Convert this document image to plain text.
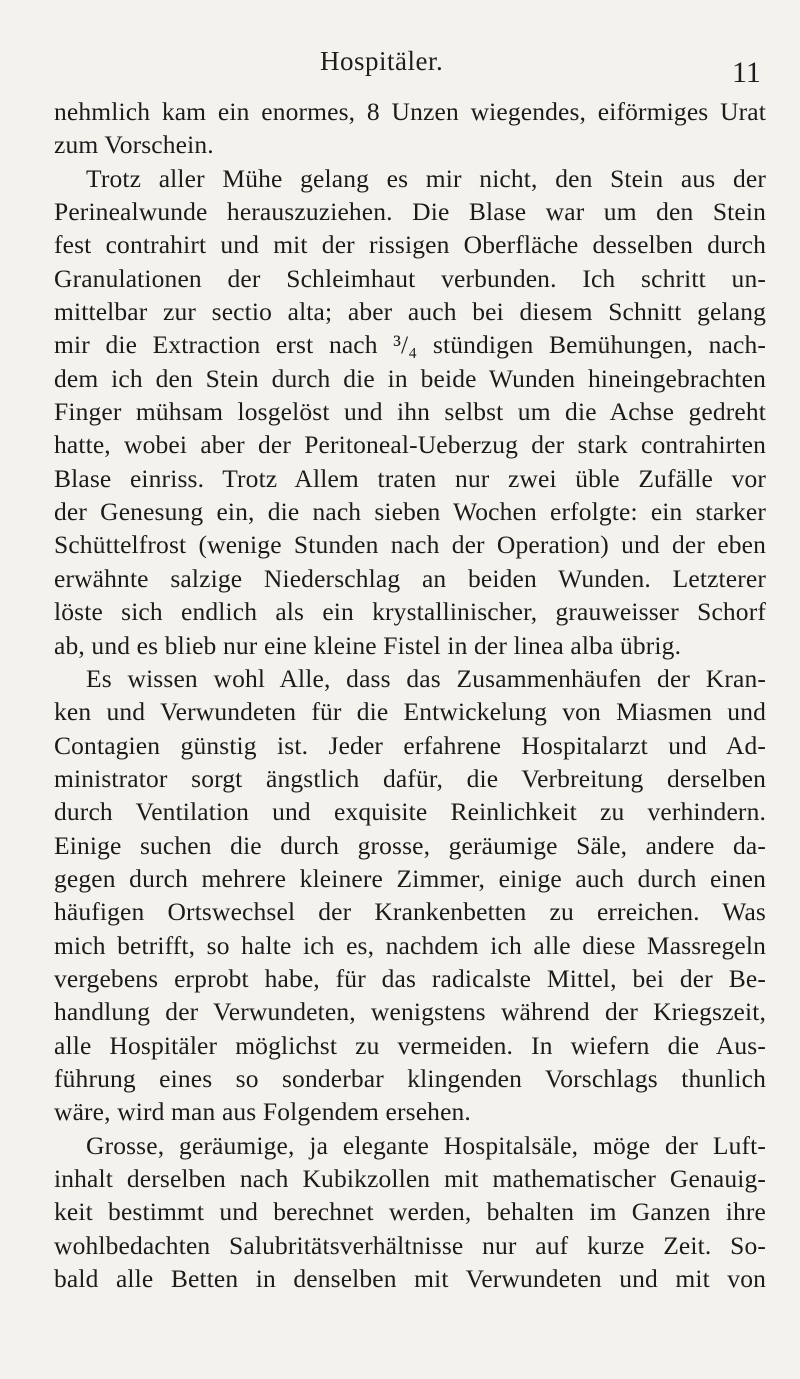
Hospitäler.	11
nehmlich kam ein enormes, 8 Unzen wiegendes, eiförmiges Urat
zum Vorschein.
Trotz aller Mühe gelang es mir nicht, den Stein aus der
Perinealwunde herauszuziehen. Die Blase war um den Stein
fest contrahirt und mit der rissigen Oberfläche desselben durch
Granulationen der Schleimhaut verbunden. Ich schritt un-
mittelbar zur sectio alta; aber auch bei diesem Schnitt gelang
mir die Extraction erst nach ³/₄ stündigen Bemühungen, nach-
dem ich den Stein durch die in beide Wunden hineingebrachten
Finger mühsam losgelöst und ihn selbst um die Achse gedreht
hatte, wobei aber der Peritoneal-Ueberzug der stark contrahirten
Blase einriss. Trotz Allem traten nur zwei üble Zufälle vor
der Genesung ein, die nach sieben Wochen erfolgte: ein starker
Schüttelfrost (wenige Stunden nach der Operation) und der eben
erwähnte salzige Niederschlag an beiden Wunden. Letzterer
löste sich endlich als ein krystallinischer, grauweisser Schorf
ab, und es blieb nur eine kleine Fistel in der linea alba übrig.
Es wissen wohl Alle, dass das Zusammenhäufen der Kran-
ken und Verwundeten für die Entwickelung von Miasmen und
Contagien günstig ist. Jeder erfahrene Hospitalarzt und Ad-
ministrator sorgt ängstlich dafür, die Verbreitung derselben
durch Ventilation und exquisite Reinlichkeit zu verhindern.
Einige suchen die durch grosse, geräumige Säle, andere da-
gegen durch mehrere kleinere Zimmer, einige auch durch einen
häufigen Ortswechsel der Krankenbetten zu erreichen. Was
mich betrifft, so halte ich es, nachdem ich alle diese Massregeln
vergebens erprobt habe, für das radicalste Mittel, bei der Be-
handlung der Verwundeten, wenigstens während der Kriegszeit,
alle Hospitäler möglichst zu vermeiden. In wiefern die Aus-
führung eines so sonderbar klingenden Vorschlags thunlich
wäre, wird man aus Folgendem ersehen.
Grosse, geräumige, ja elegante Hospitalsäle, möge der Luft-
inhalt derselben nach Kubikzollen mit mathematischer Genauig-
keit bestimmt und berechnet werden, behalten im Ganzen ihre
wohlbedachten Salubritätsverhältnisse nur auf kurze Zeit. So-
bald alle Betten in denselben mit Verwundeten und mit von
